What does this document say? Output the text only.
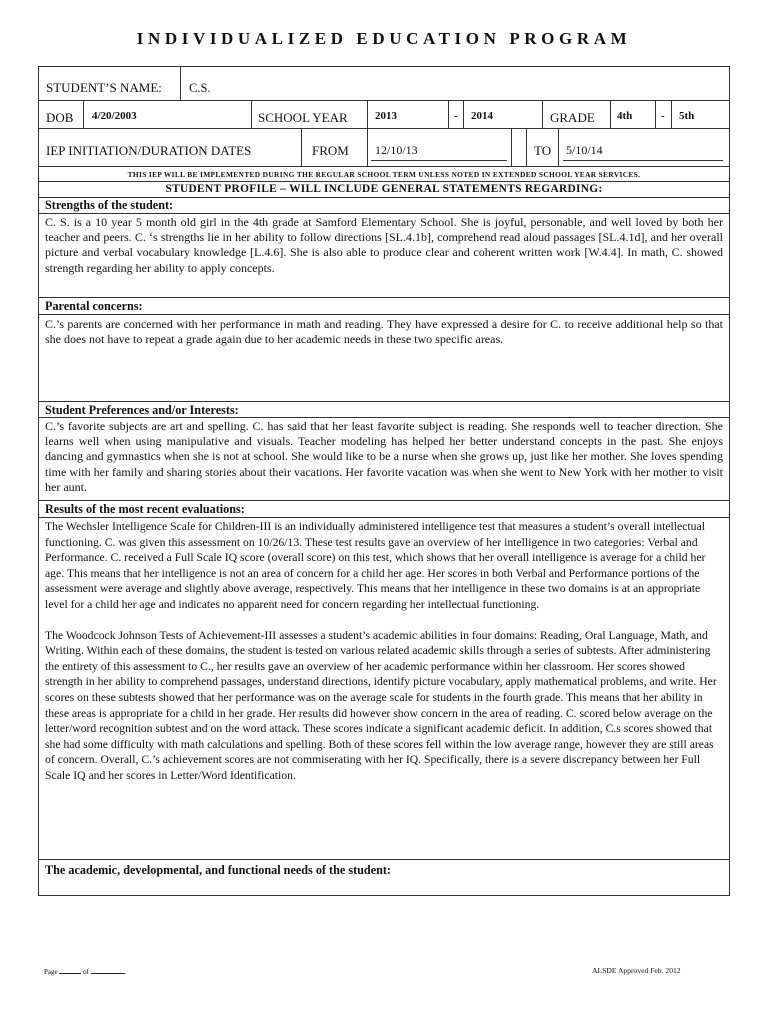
INDIVIDUALIZED EDUCATION PROGRAM
STUDENT’S NAME: C.S.
DOB 4/20/2003	SCHOOL YEAR 2013	- 2014	GRADE 4th	- 5th
IEP INITIATION/DURATION DATES	FROM 12/10/13	TO 5/10/14
THIS IEP WILL BE IMPLEMENTED DURING THE REGULAR SCHOOL TERM UNLESS NOTED IN EXTENDED SCHOOL YEAR SERVICES.
STUDENT PROFILE – WILL INCLUDE GENERAL STATEMENTS REGARDING:
Strengths of the student:
C. S. is a 10 year 5 month old girl in the 4th grade at Samford Elementary School. She is joyful, personable, and well loved by both her teacher and peers. C. ‘s strengths lie in her ability to follow directions [SL.4.1b], comprehend read aloud passages [SL.4.1d], and her overall picture and verbal vocabulary knowledge [L.4.6]. She is also able to produce clear and coherent written work [W.4.4]. In math, C. showed strength regarding her ability to apply concepts.
Parental concerns:
C.’s parents are concerned with her performance in math and reading. They have expressed a desire for C. to receive additional help so that she does not have to repeat a grade again due to her academic needs in these two specific areas.
Student Preferences and/or Interests:
C.’s favorite subjects are art and spelling. C. has said that her least favorite subject is reading. She responds well to teacher direction. She learns well when using manipulative and visuals. Teacher modeling has helped her better understand concepts in the past. She enjoys dancing and gymnastics when she is not at school. She would like to be a nurse when she grows up, just like her mother. She loves spending time with her family and sharing stories about their vacations. Her favorite vacation was when she went to New York with her mother to visit her aunt.
Results of the most recent evaluations:

The Wechsler Intelligence Scale for Children-III is an individually administered intelligence test that measures a student’s overall intellectual functioning. C. was given this assessment on 10/26/13. These test results gave an overview of her intelligence in two categories: Verbal and Performance. C. received a Full Scale IQ score (overall score) on this test, which shows that her overall intelligence is average for a child her age. This means that her intelligence is not an area of concern for a child her age. Her scores in both Verbal and Performance portions of the assessment were average and slightly above average, respectively. This means that her intelligence in these two domains is at an appropriate level for a child her age and indicates no apparent need for concern regarding her intellectual functioning.

The Woodcock Johnson Tests of Achievement-III assesses a student’s academic abilities in four domains: Reading, Oral Language, Math, and Writing. Within each of these domains, the student is tested on various related academic skills through a series of subtests. After administering the entirety of this assessment to C., her results gave an overview of her academic performance within her classroom. Her scores showed strength in her ability to comprehend passages, understand directions, identify picture vocabulary, apply mathematical problems, and write. Her scores on these subtests showed that her performance was on the average scale for students in the fourth grade. This means that her ability in these areas is appropriate for a child in her grade. Her results did however show concern in the area of reading. C. scored below average on the letter/word recognition subtest and on the word attack. These scores indicate a significant academic deficit. In addition, C.s scores showed that she had some difficulty with math calculations and spelling. Both of these scores fell within the low average range, however they are still areas of concern. Overall, C.’s achievement scores are not commiserating with her IQ. Specifically, there is a severe discrepancy between her Full Scale IQ and her scores in Letter/Word Identification.

The academic, developmental, and functional needs of the student:
Page	of	ALSDE Approved Feb. 2012
